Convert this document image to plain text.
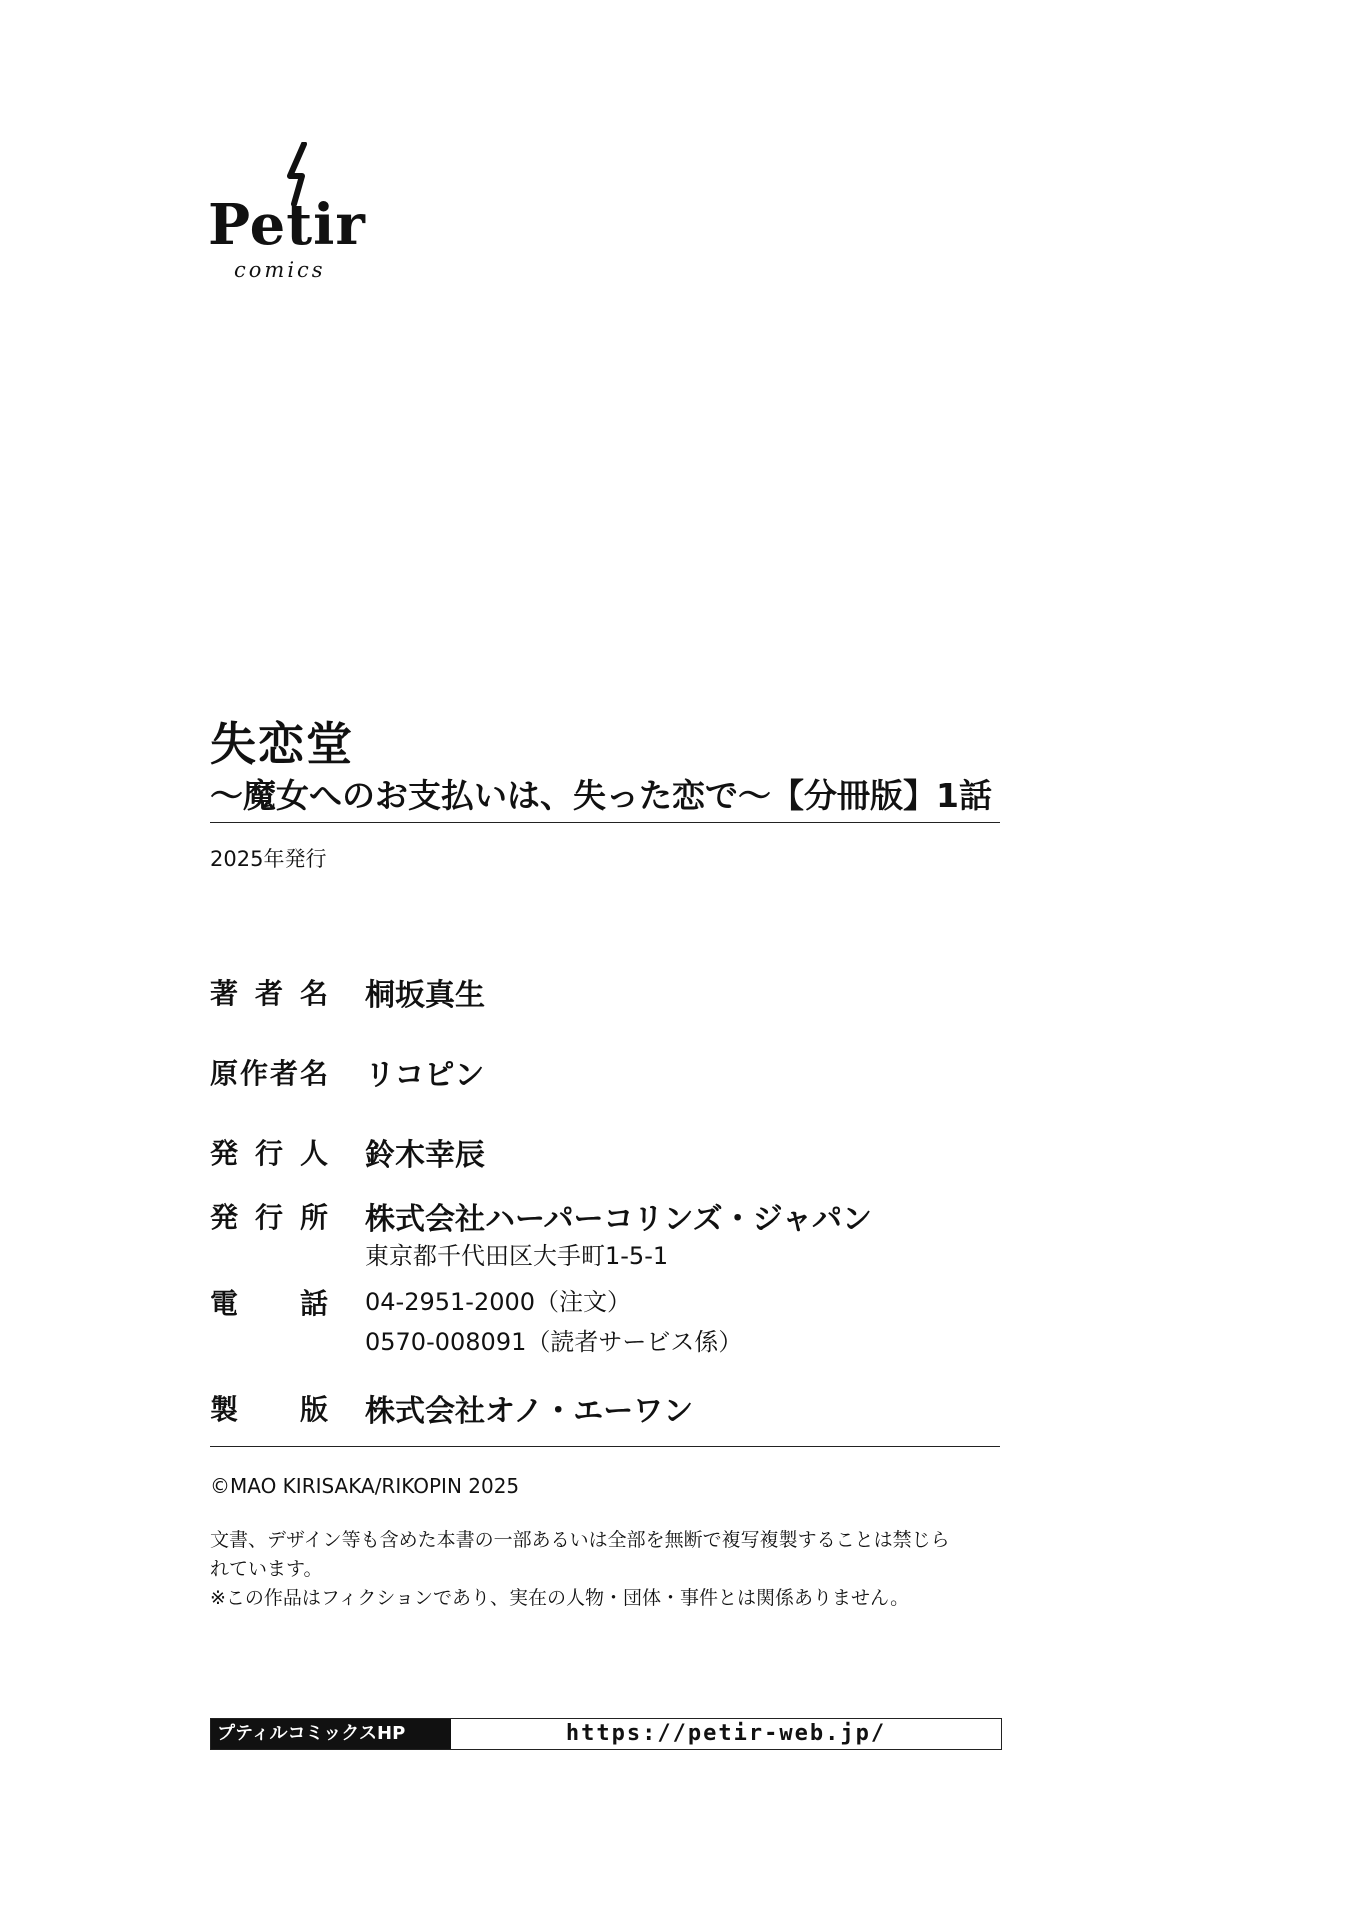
Petir
comics
失恋堂
〜魔女へのお支払いは、失った恋で〜【分冊版】1話
2025年発行
著 者 名 桐坂真生
原 作 者 名 リコピン
発 行 人 鈴木幸辰
発 行 所 株式会社ハーパーコリンズ・ジャパン
東京都千代田区大手町1-5-1
電 話 04-2951-2000（注文）
0570-008091（読者サービス係）
製 版 株式会社オノ・エーワン
©MAO KIRISAKA/RIKOPIN 2025
文書、デザイン等も含めた本書の一部あるいは全部を無断で複写複製することは禁じら
れています。
※この作品はフィクションであり、実在の人物・団体・事件とは関係ありません。
プティルコミックスHP	https://petir-web.jp/
